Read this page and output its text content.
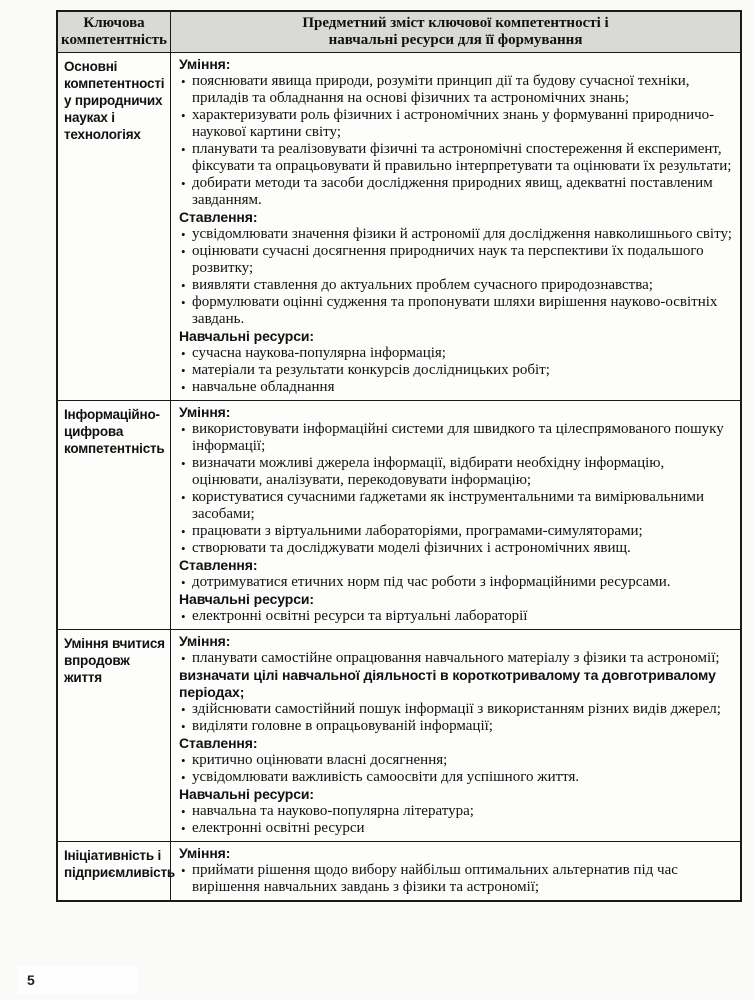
Ключова компетентність
Предметний зміст ключової компетентності і навчальні ресурси для її формування
Основні компетентності у природничих науках і технологіях
Уміння:
• пояснювати явища природи, розуміти принцип дії та будову сучасної техніки, приладів та обладнання на основі фізичних та астрономічних знань;
• характеризувати роль фізичних і астрономічних знань у формуванні природничо-наукової картини світу;
• планувати та реалізовувати фізичні та астрономічні спостереження й експеримент, фіксувати та опрацьовувати й правильно інтерпретувати та оцінювати їх результати;
• добирати методи та засоби дослідження природних явищ, адекватні поставленим завданням.
Ставлення:
• усвідомлювати значення фізики й астрономії для дослідження навколишнього світу;
• оцінювати сучасні досягнення природничих наук та перспективи їх подальшого розвитку;
• виявляти ставлення до актуальних проблем сучасного природознавства;
• формулювати оцінні судження та пропонувати шляхи вирішення науково-освітніх завдань.
Навчальні ресурси:
• сучасна наукова-популярна інформація;
• матеріали та результати конкурсів дослідницьких робіт;
• навчальне обладнання
Інформаційно-цифрова компетентність
Уміння:
• використовувати інформаційні системи для швидкого та цілеспрямованого пошуку інформації;
• визначати можливі джерела інформації, відбирати необхідну інформацію, оцінювати, аналізувати, перекодовувати інформацію;
• користуватися сучасними ґаджетами як інструментальними та вимірювальними засобами;
• працювати з віртуальними лабораторіями, програмами-симуляторами;
• створювати та досліджувати моделі фізичних і астрономічних явищ.
Ставлення:
• дотримуватися етичних норм під час роботи з інформаційними ресурсами.
Навчальні ресурси:
• електронні освітні ресурси та віртуальні лабораторії
Уміння вчитися впродовж життя
Уміння:
• планувати самостійне опрацювання навчального матеріалу з фізики та астрономії;
визначати цілі навчальної діяльності в короткотривалому та довготривалому періодах;
• здійснювати самостійний пошук інформації з використанням різних видів джерел;
• виділяти головне в опрацьовуваній інформації;
Ставлення:
• критично оцінювати власні досягнення;
• усвідомлювати важливість самоосвіти для успішного життя.
Навчальні ресурси:
• навчальна та науково-популярна література;
• електронні освітні ресурси
Ініціативність і підприємливість
Уміння:
• приймати рішення щодо вибору найбільш оптимальних альтернатив під час вирішення навчальних завдань з фізики та астрономії;
5
